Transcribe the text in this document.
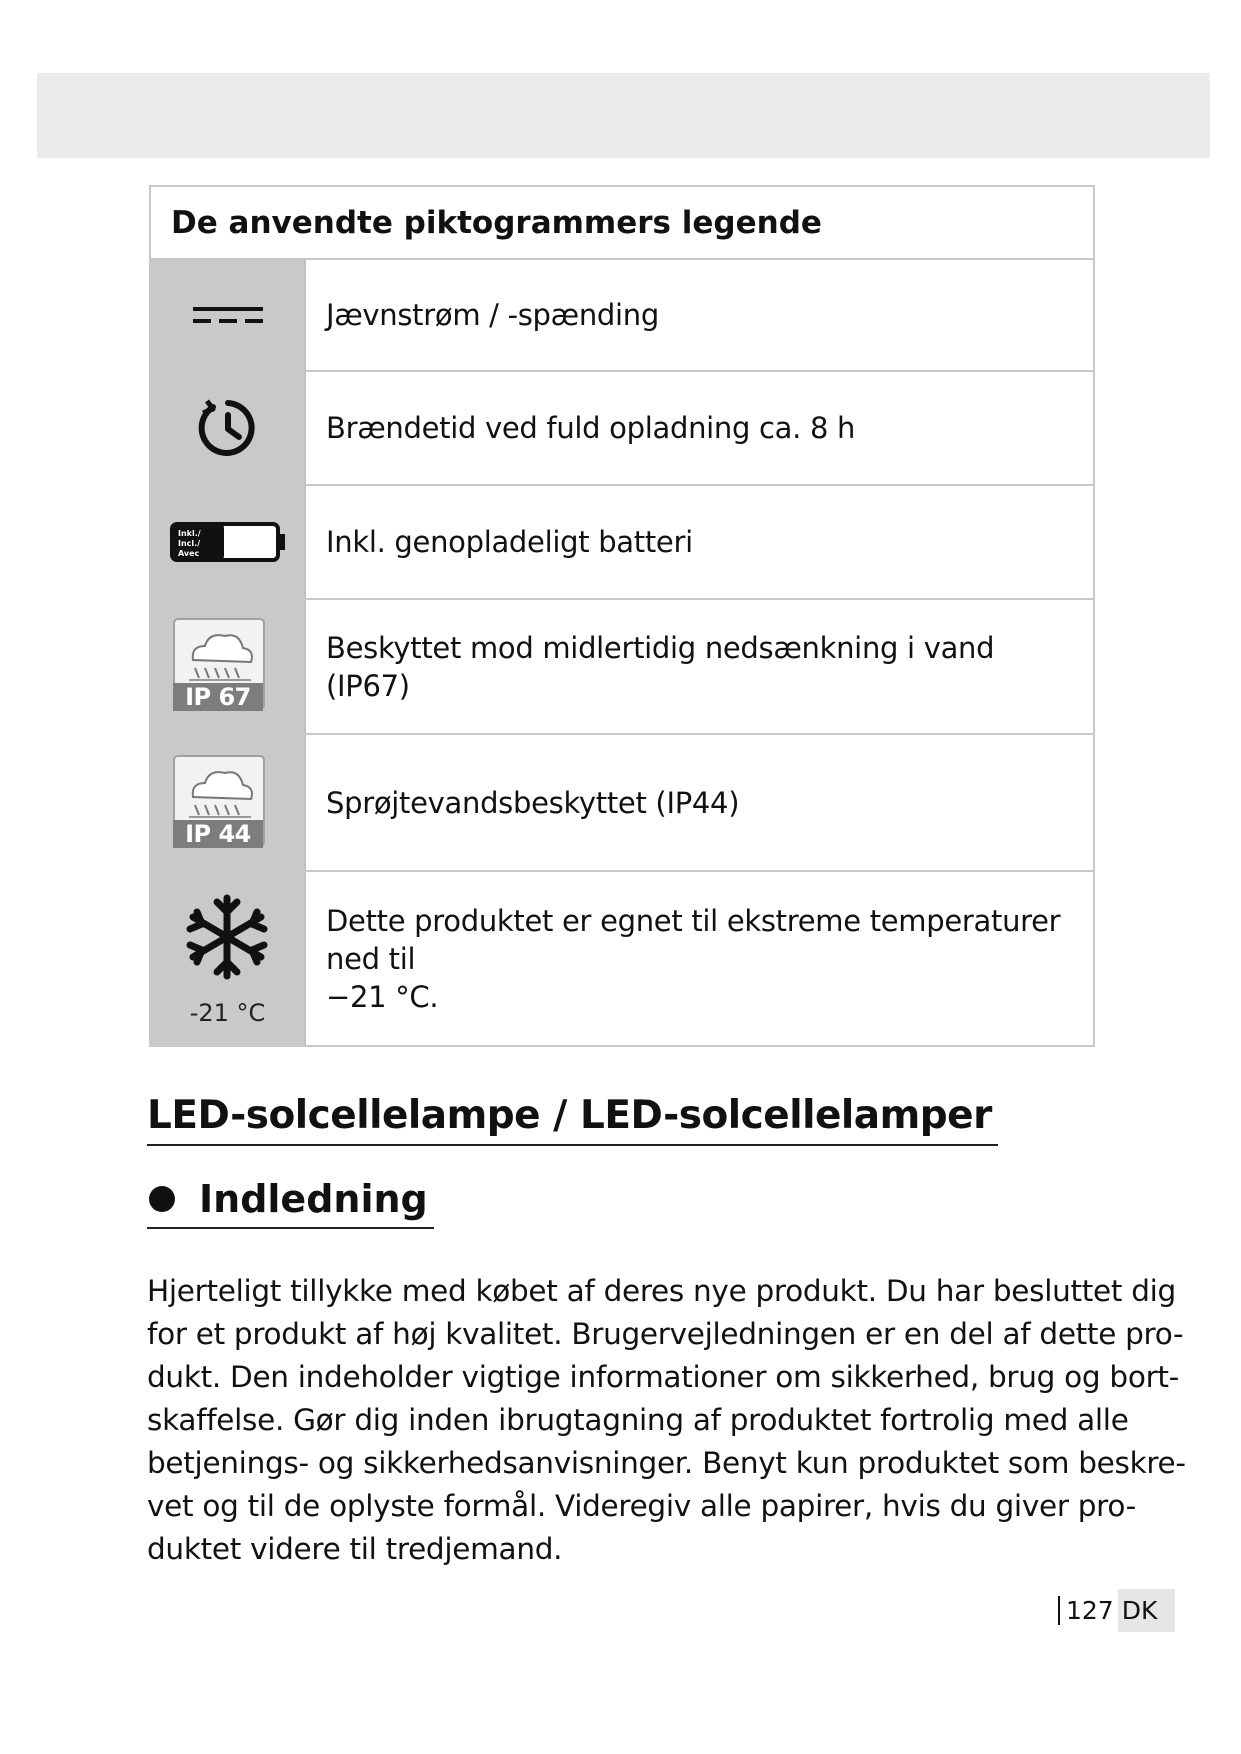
De anvendte piktogrammers legende
Jævnstrøm / -spænding
Brændetid ved fuld opladning ca. 8 h
Inkl./
Incl./
Avec	Inkl. genopladeligt batteri
IP 67
Beskyttet mod midlertidig nedsænkning i vand (IP67)
IP 44
Sprøjtevandsbeskyttet (IP44)
-21 °C
Dette produktet er egnet til ekstreme temperaturer ned til
−21 °C.
LED-solcellelampe / LED-solcellelamper
Indledning
Hjerteligt tillykke med købet af deres nye produkt. Du har besluttet dig
for et produkt af høj kvalitet. Brugervejledningen er en del af dette pro-
dukt. Den indeholder vigtige informationer om sikkerhed, brug og bort-
skaffelse. Gør dig inden ibrugtagning af produktet fortrolig med alle
betjenings- og sikkerhedsanvisninger. Benyt kun produktet som beskre-
vet og til de oplyste formål. Videregiv alle papirer, hvis du giver pro-
duktet videre til tredjemand.
127 DK
